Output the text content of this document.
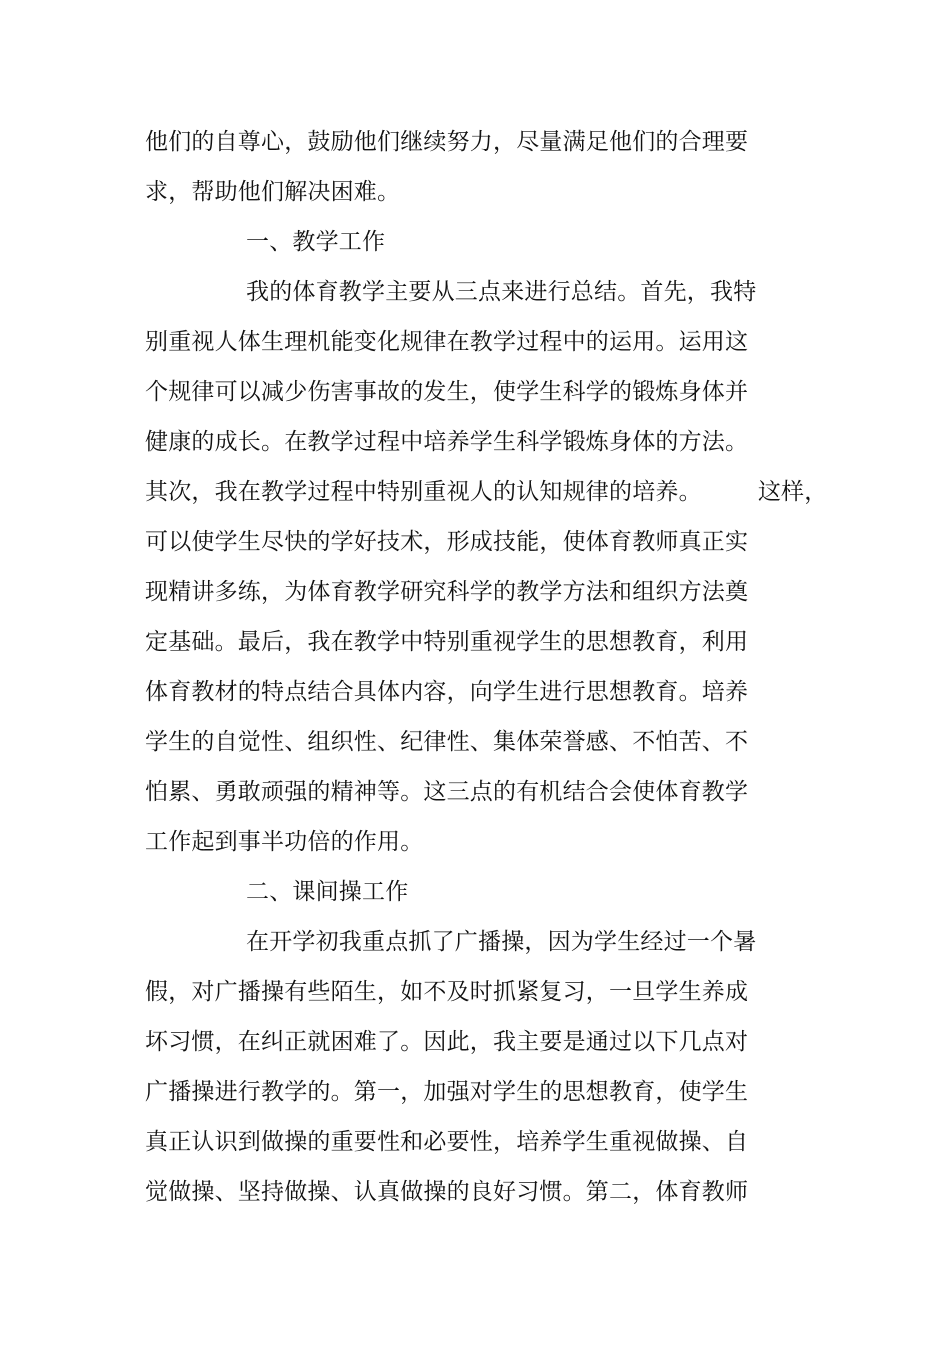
他们的自尊心，鼓励他们继续努力，尽量满足他们的合理要
求，帮助他们解决困难。
一、教学工作
我的体育教学主要从三点来进行总结。首先，我特
别重视人体生理机能变化规律在教学过程中的运用。运用这
个规律可以减少伤害事故的发生，使学生科学的锻炼身体并
健康的成长。在教学过程中培养学生科学锻炼身体的方法。
其次，我在教学过程中特别重视人的认知规律的培养。 这样，
可以使学生尽快的学好技术，形成技能，使体育教师真正实
现精讲多练，为体育教学研究科学的教学方法和组织方法奠
定基础。最后，我在教学中特别重视学生的思想教育，利用
体育教材的特点结合具体内容，向学生进行思想教育。培养
学生的自觉性、组织性、纪律性、集体荣誉感、不怕苦、不
怕累、勇敢顽强的精神等。这三点的有机结合会使体育教学
工作起到事半功倍的作用。
二、课间操工作
在开学初我重点抓了广播操，因为学生经过一个暑
假，对广播操有些陌生，如不及时抓紧复习，一旦学生养成
坏习惯，在纠正就困难了。因此，我主要是通过以下几点对
广播操进行教学的。第一，加强对学生的思想教育，使学生
真正认识到做操的重要性和必要性，培养学生重视做操、自
觉做操、坚持做操、认真做操的良好习惯。第二，体育教师
